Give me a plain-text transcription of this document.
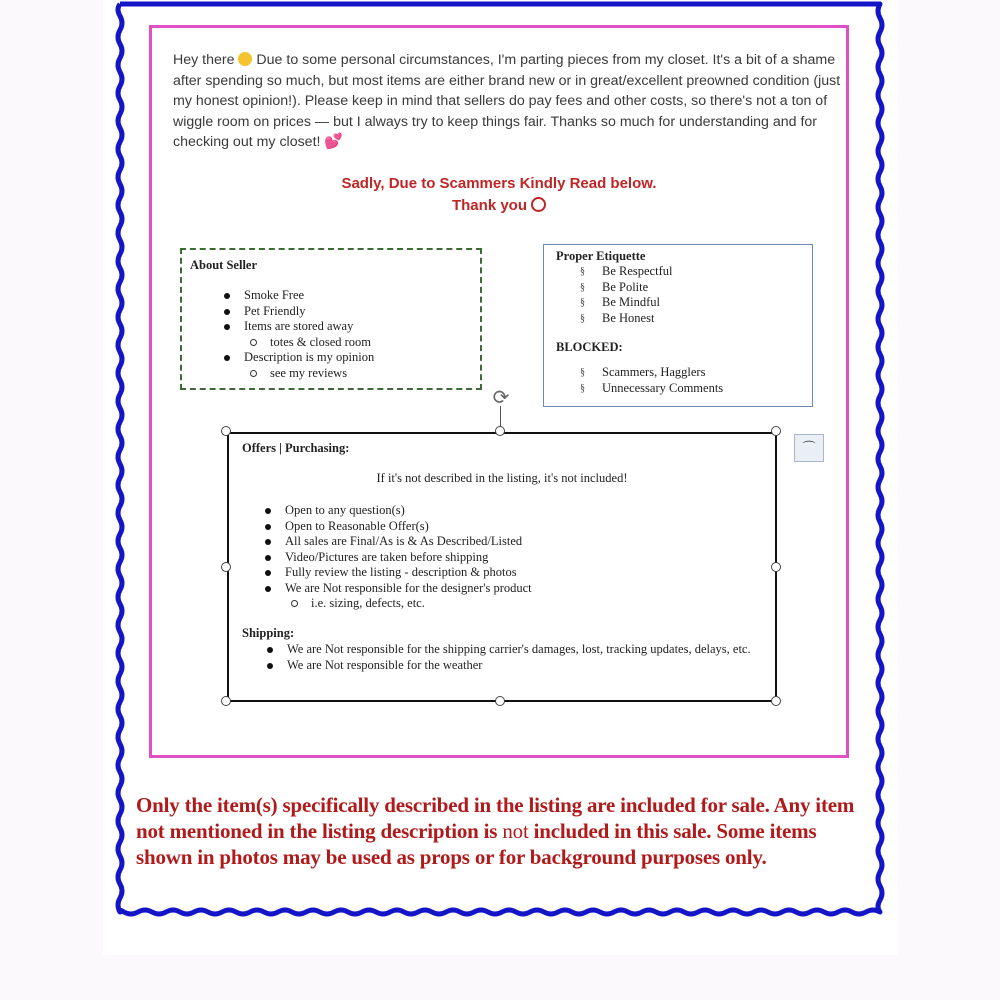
Hey there Due to some personal circumstances, I'm parting pieces from my closet. It's a bit of a shame after spending so much, but most items are either brand new or in great/excellent preowned condition (just my honest opinion!). Please keep in mind that sellers do pay fees and other costs, so there's not a ton of wiggle room on prices — but I always try to keep things fair. Thanks so much for understanding and for checking out my closet! 💕
Sadly, Due to Scammers Kindly Read below.
Thank you
About Seller
Smoke Free
Pet Friendly
Items are stored away
totes & closed room
Description is my opinion
see my reviews
Proper Etiquette
§ Be Respectful
§ Be Polite
§ Be Mindful
§ Be Honest
BLOCKED:
§ Scammers, Hagglers
§ Unnecessary Comments
⟳
Offers | Purchasing:
If it's not described in the listing, it's not included!
Open to any question(s)
Open to Reasonable Offer(s)
All sales are Final/As is & As Described/Listed
Video/Pictures are taken before shipping
Fully review the listing - description & photos
We are Not responsible for the designer's product
i.e. sizing, defects, etc.
Shipping:
We are Not responsible for the shipping carrier's damages, lost, tracking updates, delays, etc.
We are Not responsible for the weather
⌒
Only the item(s) specifically described in the listing are included for sale. Any item not mentioned in the listing description is not included in this sale. Some items shown in photos may be used as props or for background purposes only.
